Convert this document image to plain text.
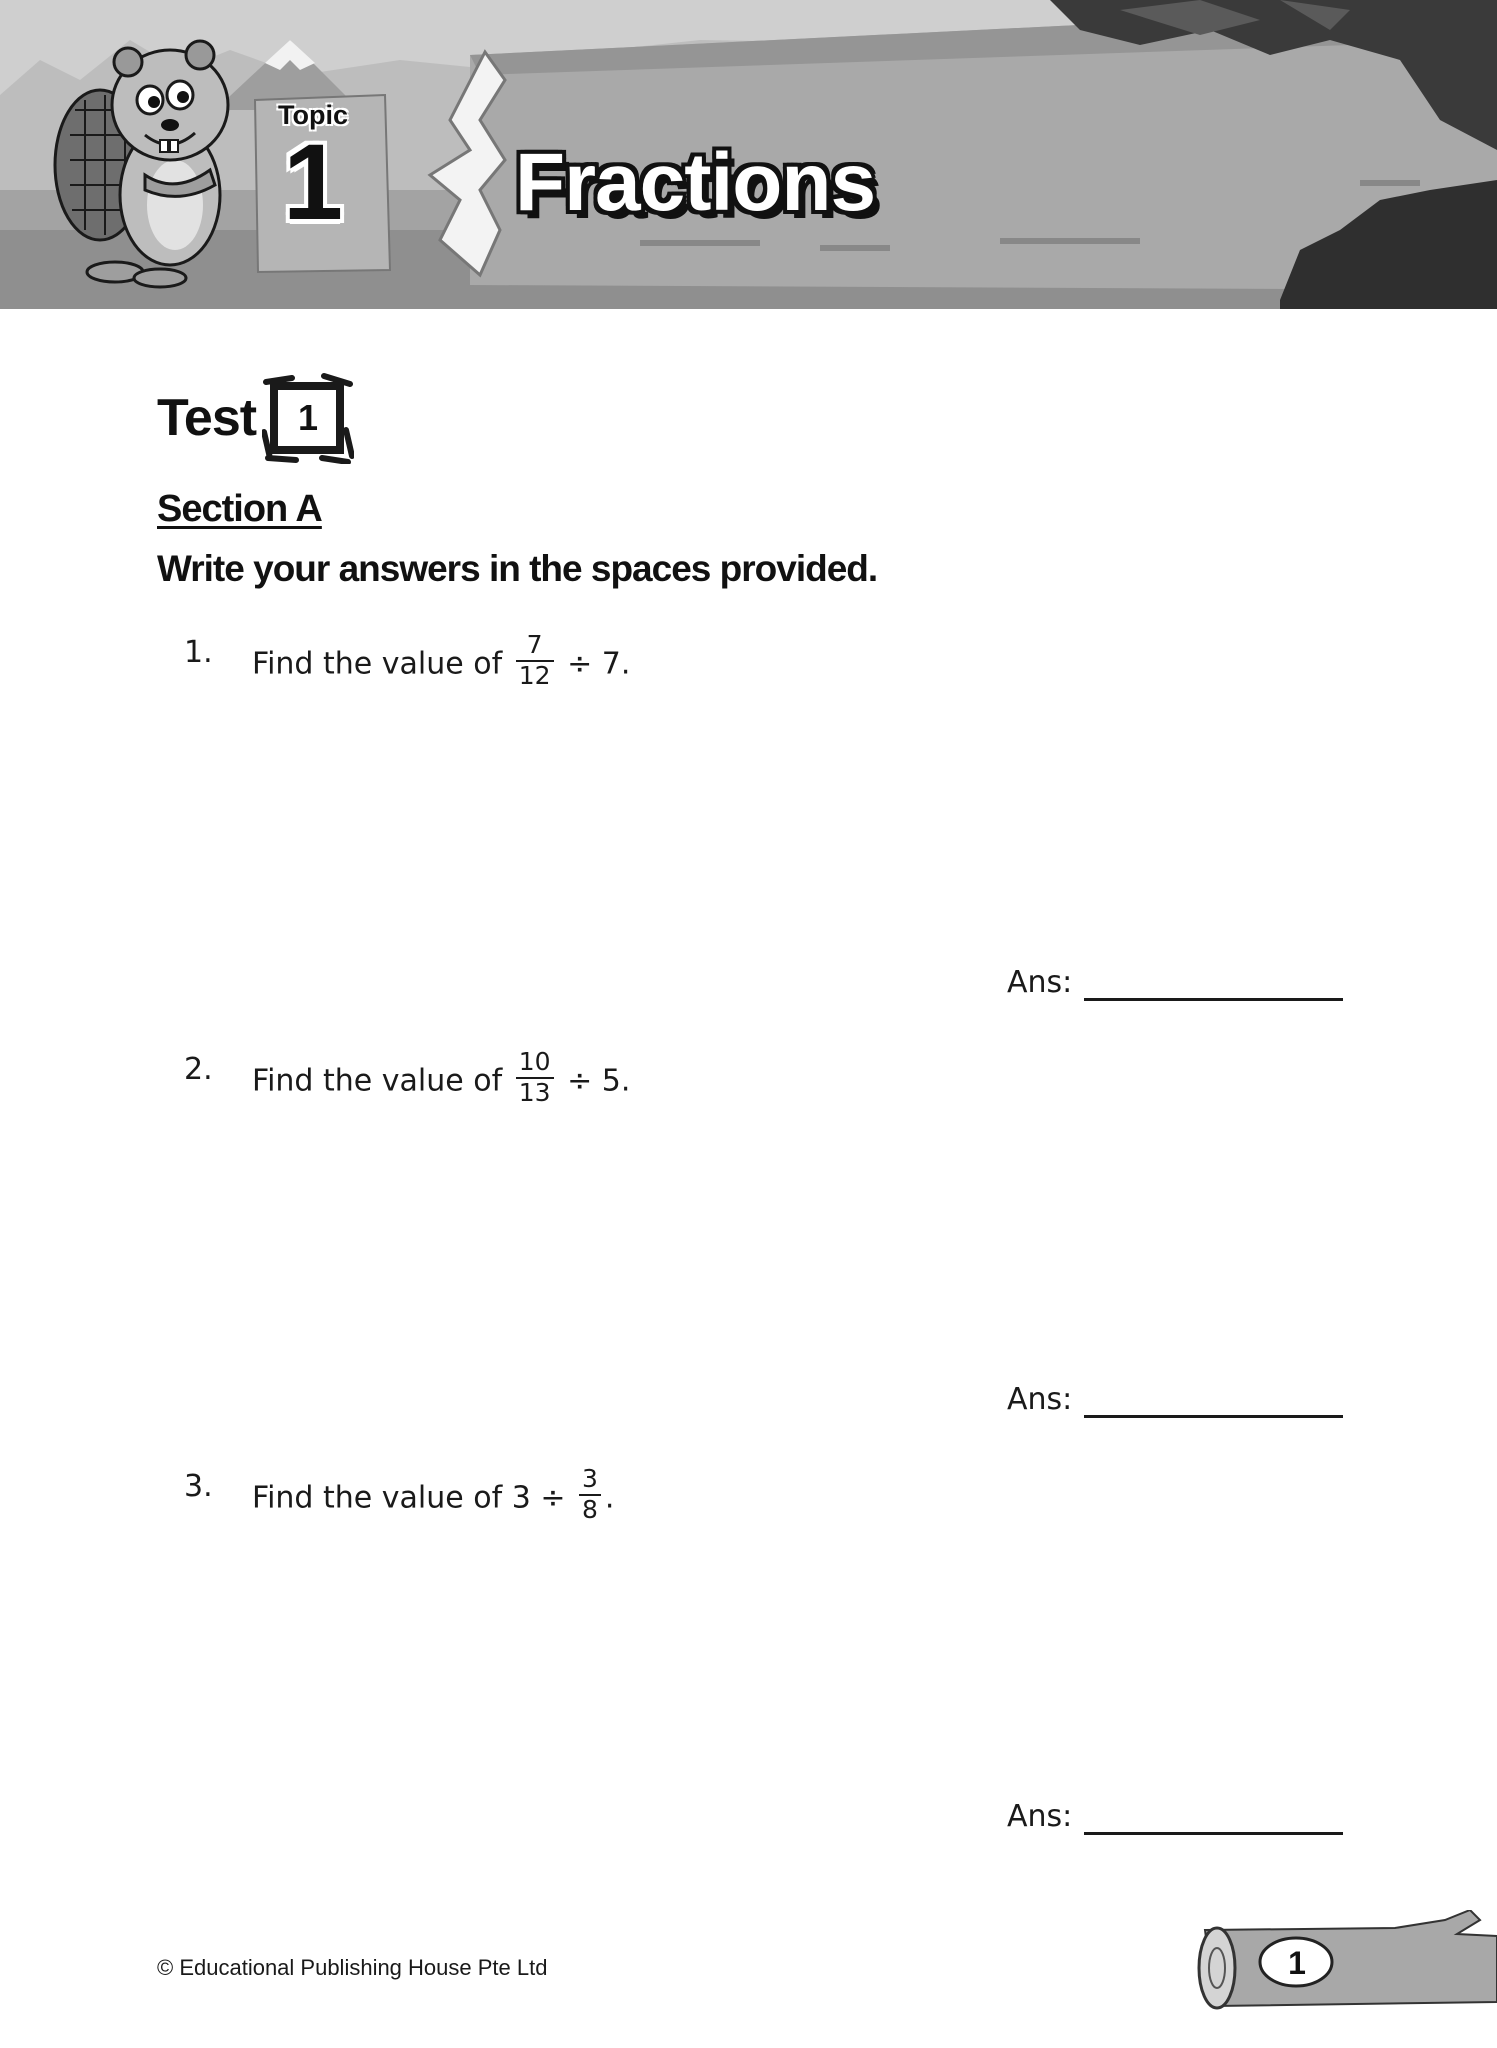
Topic
1 Fractions
Test	1
Section A
Write your answers in the spaces provided.
1. Find the value of $\frac{7}{12} \div 7$.
Ans:
2. Find the value of $\frac{10}{13} \div 5$.
Ans:
3. Find the value of $3 \div \frac{3}{8}$ .
Ans:
© Educational Publishing House Pte Ltd	1
